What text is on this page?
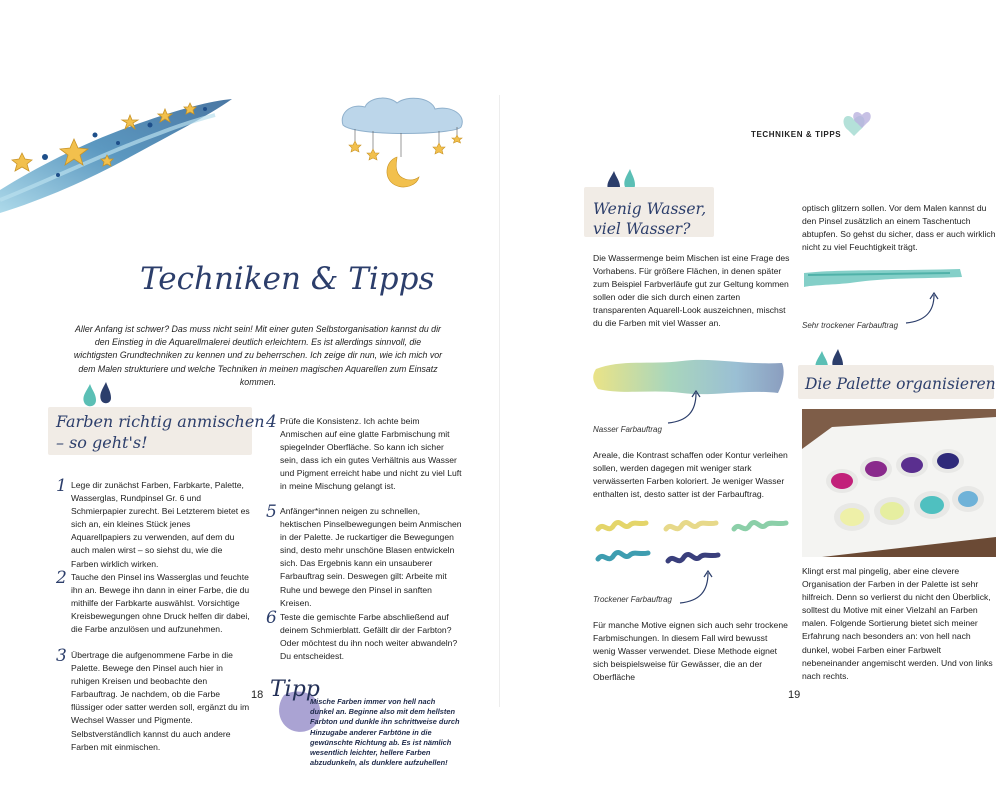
Techniken & Tipps
Aller Anfang ist schwer? Das muss nicht sein! Mit einer guten Selbstorganisation kannst du dir den Einstieg in die Aquarellmalerei deutlich erleichtern. Es ist allerdings sinnvoll, die wichtigsten Grundtechniken zu kennen und zu beherrschen. Ich zeige dir nun, wie ich mich vor dem Malen strukturiere und welche Techniken in meinen magischen Aquarellen zum Einsatz kommen.
Farben richtig anmischen
– so geht's!
1 Lege dir zunächst Farben, Farbkarte, Palette, Wasserglas, Rundpinsel Gr. 6 und Schmierpapier zurecht. Bei Letzterem bietet es sich an, ein kleines Stück jenes Aquarellpapiers zu verwenden, auf dem du auch malen wirst – so siehst du, wie die Farben wirklich wirken.
2 Tauche den Pinsel ins Wasserglas und feuchte ihn an. Bewege ihn dann in einer Farbe, die du mithilfe der Farbkarte auswählst. Vorsichtige Kreisbewegungen ohne Druck helfen dir dabei, die Farbe anzulösen und aufzunehmen.
3 Übertrage die aufgenommene Farbe in die Palette. Bewege den Pinsel auch hier in ruhigen Kreisen und beobachte den Farbauftrag. Je nachdem, ob die Farbe flüssiger oder satter werden soll, ergänzt du im Wechsel Wasser und Pigmente. Selbstverständlich kannst du auch andere Farben mit einmischen.
4 Prüfe die Konsistenz. Ich achte beim Anmischen auf eine glatte Farbmischung mit spiegelnder Oberfläche. So kann ich sicher sein, dass ich ein gutes Verhältnis aus Wasser und Pigment erreicht habe und nicht zu viel Luft in meine Mischung gelangt ist.
5 Anfänger*innen neigen zu schnellen, hektischen Pinselbewegungen beim Anmischen in der Palette. Je ruckartiger die Bewegungen sind, desto mehr unschöne Blasen entwickeln sich. Das Ergebnis kann ein unsauberer Farbauftrag sein. Deswegen gilt: Arbeite mit Ruhe und bewege den Pinsel in sanften Kreisen.
6 Teste die gemischte Farbe abschließend auf deinem Schmierblatt. Gefällt dir der Farbton? Oder möchtest du ihn noch weiter abwandeln? Du entscheidest.
Tipp
Mische Farben immer von hell nach dunkel an. Beginne also mit dem hellsten Farbton und dunkle ihn schrittweise durch Hinzugabe anderer Farbtöne in die gewünschte Richtung ab. Es ist nämlich wesentlich leichter, hellere Farben abzudunkeln, als dunklere aufzuhellen!
18
TECHNIKEN & TIPPS
Wenig Wasser,
viel Wasser?
Die Wassermenge beim Mischen ist eine Frage des Vorhabens. Für größere Flächen, in denen später zum Beispiel Farbverläufe gut zur Geltung kommen sollen oder die sich durch einen zarten transparenten Aquarell-Look auszeichnen, mischst du die Farben mit viel Wasser an.
Nasser Farbauftrag
Areale, die Kontrast schaffen oder Kontur verleihen sollen, werden dagegen mit weniger stark verwässerten Farben koloriert. Je weniger Wasser enthalten ist, desto satter ist der Farbauftrag.
Trockener Farbauftrag
Für manche Motive eignen sich auch sehr trockene Farbmischungen. In diesem Fall wird bewusst wenig Wasser verwendet. Diese Methode eignet sich beispielsweise für Gewässer, die an der Oberfläche
optisch glitzern sollen. Vor dem Malen kannst du den Pinsel zusätzlich an einem Taschentuch abtupfen. So gehst du sicher, dass er auch wirklich nicht zu viel Feuchtigkeit trägt.
Sehr trockener Farbauftrag
Die Palette organisieren
Klingt erst mal pingelig, aber eine clevere Organisation der Farben in der Palette ist sehr hilfreich. Denn so verlierst du nicht den Überblick, solltest du Motive mit einer Vielzahl an Farben malen. Folgende Sortierung bietet sich meiner Erfahrung nach besonders an: von hell nach dunkel, wobei Farben einer Farbwelt nebeneinander angemischt werden. Und von links nach rechts.
19
